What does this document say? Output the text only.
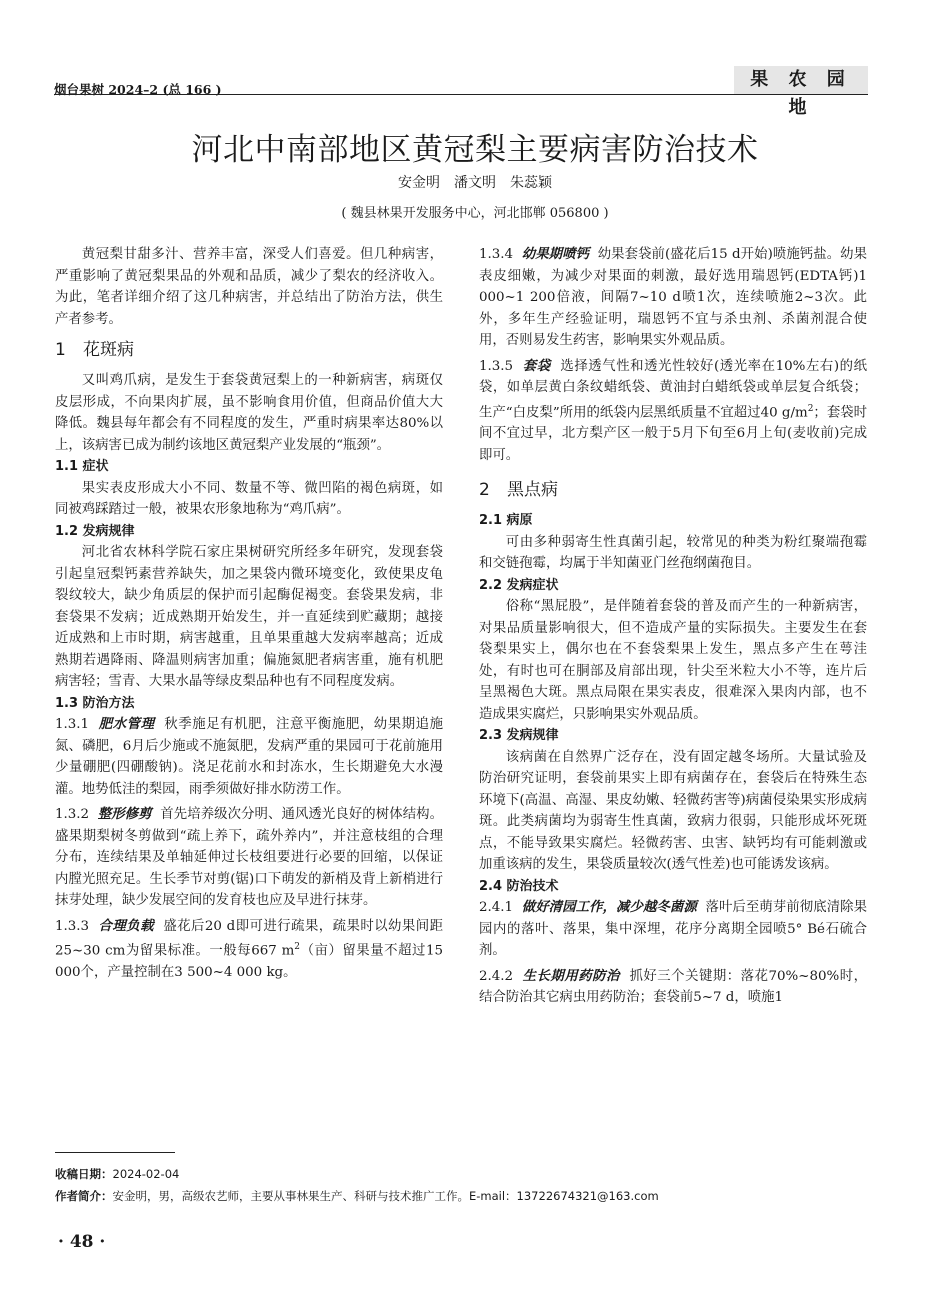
烟台果树 2024–2 (总 166 )	果 农 园 地
河北中南部地区黄冠梨主要病害防治技术
安金明　潘文明　朱蕊颖
( 魏县林果开发服务中心，河北邯郸 056800 )

黄冠梨甘甜多汁、营养丰富，深受人们喜爱。但几种病害，严重影响了黄冠梨果品的外观和品质，减少了梨农的经济收入。为此，笔者详细介绍了这几种病害，并总结出了防治方法，供生产者参考。

1 花斑病

又叫鸡爪病，是发生于套袋黄冠梨上的一种新病害，病斑仅皮层形成，不向果肉扩展，虽不影响食用价值，但商品价值大大降低。魏县每年都会有不同程度的发生，严重时病果率达80%以上，该病害已成为制约该地区黄冠梨产业发展的“瓶颈”。

1.1 症状

果实表皮形成大小不同、数量不等、微凹陷的褐色病斑，如同被鸡踩踏过一般，被果农形象地称为“鸡爪病”。

1.2 发病规律

河北省农林科学院石家庄果树研究所经多年研究，发现套袋引起皇冠梨钙素营养缺失，加之果袋内微环境变化，致使果皮龟裂纹较大，缺少角质层的保护而引起酶促褐变。套袋果发病，非套袋果不发病；近成熟期开始发生，并一直延续到贮藏期；越接近成熟和上市时期，病害越重，且单果重越大发病率越高；近成熟期若遇降雨、降温则病害加重；偏施氮肥者病害重，施有机肥病害轻；雪青、大果水晶等绿皮梨品种也有不同程度发病。

1.3 防治方法

1.3.1 肥水管理 秋季施足有机肥，注意平衡施肥，幼果期追施氮、磷肥，6月后少施或不施氮肥，发病严重的果园可于花前施用少量硼肥(四硼酸钠)。浇足花前水和封冻水，生长期避免大水漫灌。地势低洼的梨园，雨季须做好排水防涝工作。

1.3.2 整形修剪 首先培养级次分明、通风透光良好的树体结构。盛果期梨树冬剪做到“疏上养下，疏外养内”，并注意枝组的合理分布，连续结果及单轴延伸过长枝组要进行必要的回缩，以保证内膛光照充足。生长季节对剪(锯)口下萌发的新梢及背上新梢进行抹芽处理，缺少发展空间的发育枝也应及早进行抹芽。

1.3.3 合理负载 盛花后20 d即可进行疏果，疏果时以幼果间距25~30 cm为留果标准。一般每667 $m^2$（亩）留果量不超过15 000个，产量控制在3 500~4 000 kg。

1.3.4 幼果期喷钙 幼果套袋前(盛花后15 d开始)喷施钙盐。幼果表皮细嫩，为减少对果面的刺激，最好选用瑞恩钙(EDTA钙)1 000~1 200倍液，间隔7~10 d喷1次，连续喷施2~3次。此外，多年生产经验证明，瑞恩钙不宜与杀虫剂、杀菌剂混合使用，否则易发生药害，影响果实外观品质。

1.3.5 套袋 选择透气性和透光性较好(透光率在10%左右)的纸袋，如单层黄白条纹蜡纸袋、黄油封白蜡纸袋或单层复合纸袋；生产“白皮梨”所用的纸袋内层黑纸质量不宜超过40 $g/m^2$；套袋时间不宜过早，北方梨产区一般于5月下旬至6月上旬(麦收前)完成即可。

2 黑点病

2.1 病原

可由多种弱寄生性真菌引起，较常见的种类为粉红聚端孢霉和交链孢霉，均属于半知菌亚门丝孢纲菌孢目。

2.2 发病症状

俗称“黑屁股”，是伴随着套袋的普及而产生的一种新病害，对果品质量影响很大，但不造成产量的实际损失。主要发生在套袋梨果实上，偶尔也在不套袋梨果上发生，黑点多产生在萼洼处，有时也可在胴部及肩部出现，针尖至米粒大小不等，连片后呈黑褐色大斑。黑点局限在果实表皮，很难深入果肉内部，也不造成果实腐烂，只影响果实外观品质。

2.3 发病规律

该病菌在自然界广泛存在，没有固定越冬场所。大量试验及防治研究证明，套袋前果实上即有病菌存在，套袋后在特殊生态环境下(高温、高湿、果皮幼嫩、轻微药害等)病菌侵染果实形成病斑。此类病菌均为弱寄生性真菌，致病力很弱，只能形成坏死斑点，不能导致果实腐烂。轻微药害、虫害、缺钙均有可能刺激或加重该病的发生，果袋质量较次(透气性差)也可能诱发该病。

2.4 防治技术

2.4.1 做好清园工作，减少越冬菌源 落叶后至萌芽前彻底清除果园内的落叶、落果，集中深埋，花序分离期全园喷5° Bé石硫合剂。

2.4.2 生长期用药防治 抓好三个关键期：落花70%~80%时，结合防治其它病虫用药防治；套袋前5~7 d，喷施1

收稿日期：2024-02-04
作者简介：安金明，男，高级农艺师，主要从事林果生产、科研与技术推广工作。E-mail：13722674321@163.com
· 48 ·
